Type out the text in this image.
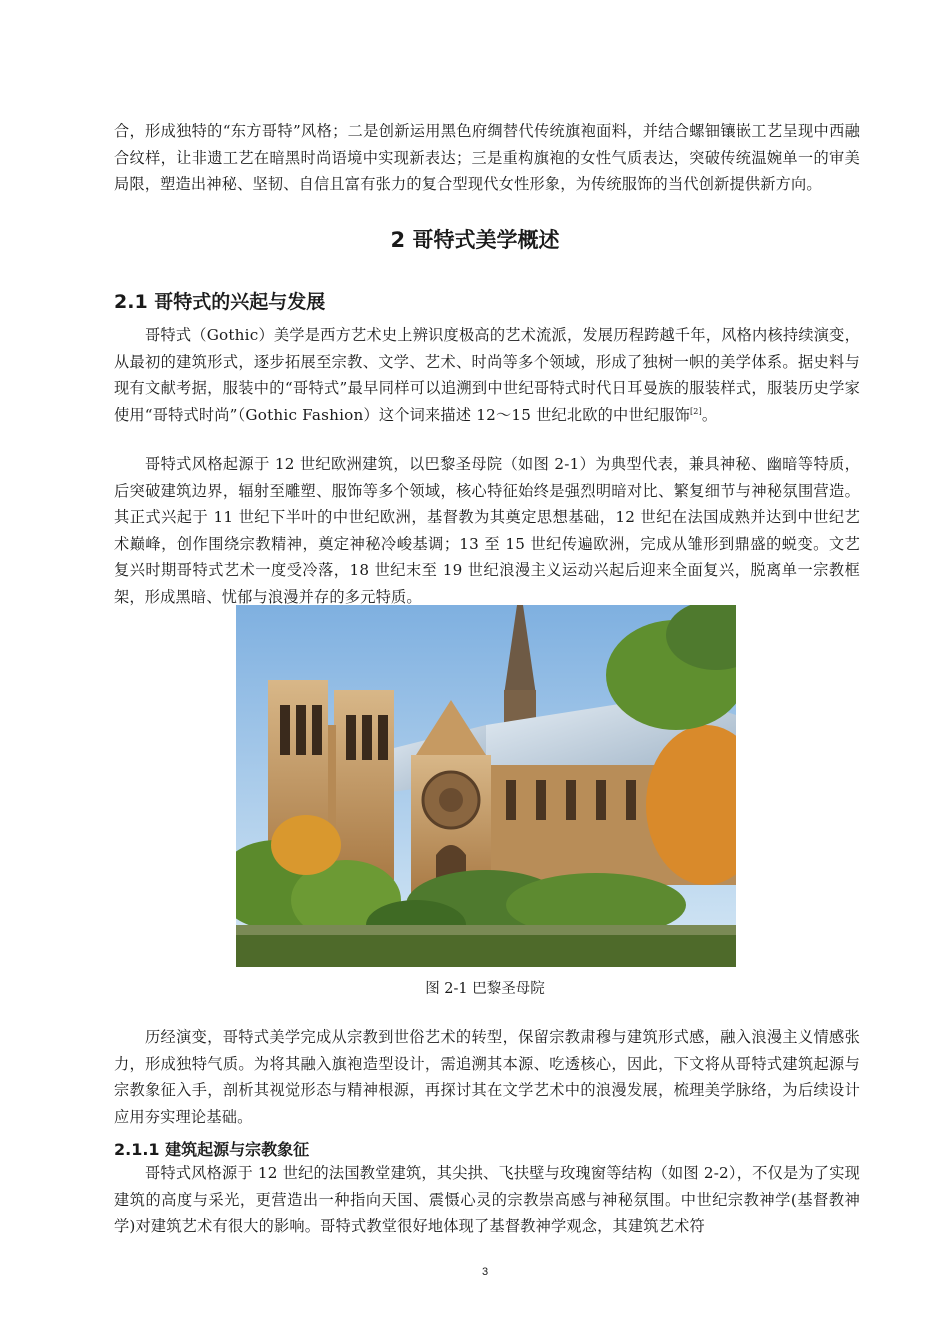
合，形成独特的“东方哥特”风格；二是创新运用黑色府绸替代传统旗袍面料，并结合螺钿镶嵌工艺呈现中西融合纹样，让非遗工艺在暗黑时尚语境中实现新表达；三是重构旗袍的女性气质表达，突破传统温婉单一的审美局限，塑造出神秘、坚韧、自信且富有张力的复合型现代女性形象，为传统服饰的当代创新提供新方向。

2 哥特式美学概述
2.1 哥特式的兴起与发展

哥特式（Gothic）美学是西方艺术史上辨识度极高的艺术流派，发展历程跨越千年，风格内核持续演变，从最初的建筑形式，逐步拓展至宗教、文学、艺术、时尚等多个领域，形成了独树一帜的美学体系。据史料与现有文献考据，服装中的“哥特式”最早同样可以追溯到中世纪哥特式时代日耳曼族的服装样式，服装历史学家使用“哥特式时尚”（Gothic Fashion）这个词来描述 12～15 世纪北欧的中世纪服饰[2]。

哥特式风格起源于 12 世纪欧洲建筑，以巴黎圣母院（如图 2-1）为典型代表，兼具神秘、幽暗等特质，后突破建筑边界，辐射至雕塑、服饰等多个领域，核心特征始终是强烈明暗对比、繁复细节与神秘氛围营造。其正式兴起于 11 世纪下半叶的中世纪欧洲，基督教为其奠定思想基础，12 世纪在法国成熟并达到中世纪艺术巅峰，创作围绕宗教精神，奠定神秘冷峻基调；13 至 15 世纪传遍欧洲，完成从雏形到鼎盛的蜕变。文艺复兴时期哥特式艺术一度受冷落，18 世纪末至 19 世纪浪漫主义运动兴起后迎来全面复兴，脱离单一宗教框架，形成黑暗、忧郁与浪漫并存的多元特质。

图 2-1 巴黎圣母院

历经演变，哥特式美学完成从宗教到世俗艺术的转型，保留宗教肃穆与建筑形式感，融入浪漫主义情感张力，形成独特气质。为将其融入旗袍造型设计，需追溯其本源、吃透核心，因此，下文将从哥特式建筑起源与宗教象征入手，剖析其视觉形态与精神根源，再探讨其在文学艺术中的浪漫发展，梳理美学脉络，为后续设计应用夯实理论基础。

2.1.1 建筑起源与宗教象征

哥特式风格源于 12 世纪的法国教堂建筑，其尖拱、飞扶壁与玫瑰窗等结构（如图 2-2），不仅是为了实现建筑的高度与采光，更营造出一种指向天国、震慑心灵的宗教崇高感与神秘氛围。中世纪宗教神学(基督教神学)对建筑艺术有很大的影响。哥特式教堂很好地体现了基督教神学观念，其建筑艺术符

3
